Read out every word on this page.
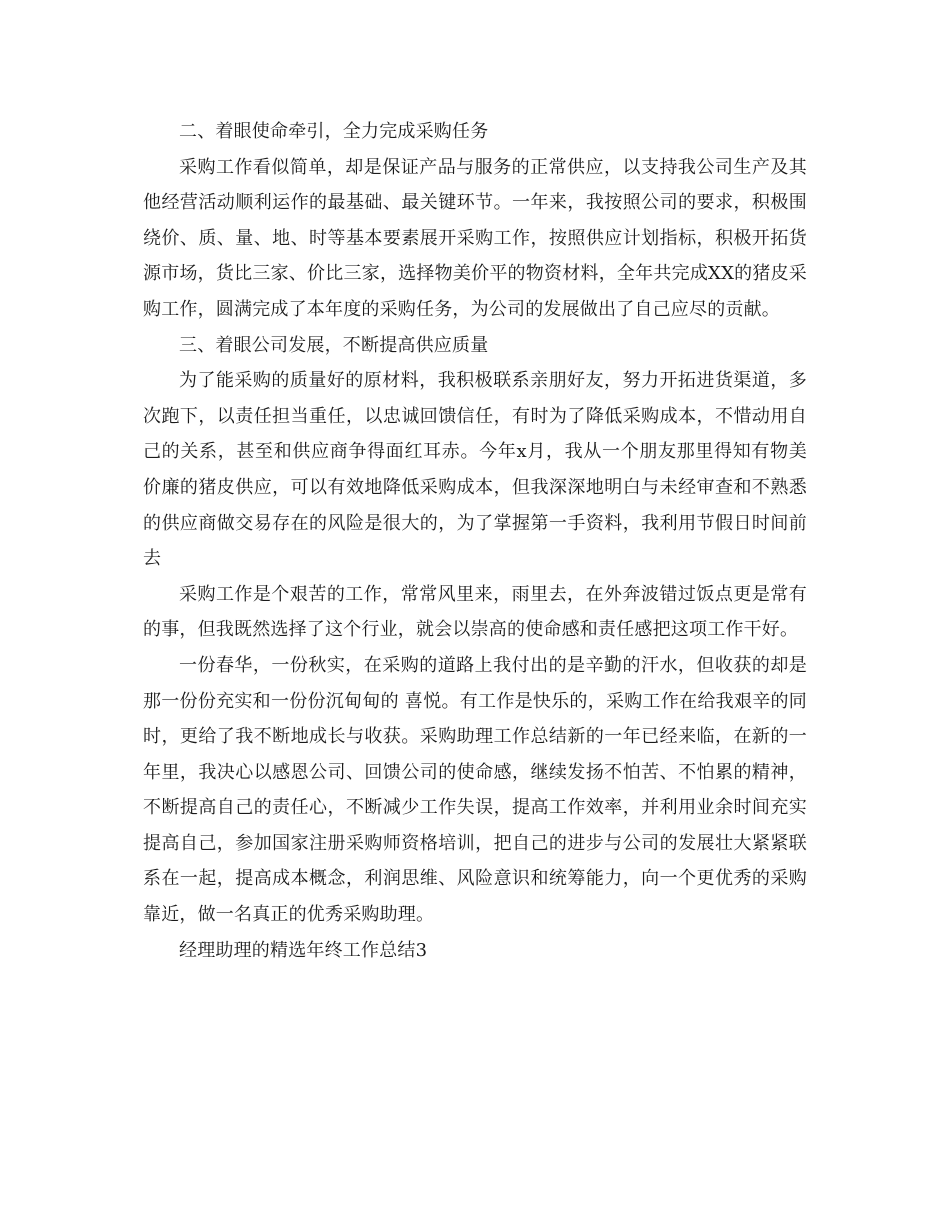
二、着眼使命牵引，全力完成采购任务

采购工作看似简单，却是保证产品与服务的正常供应，以支持我公司生产及其他经营活动顺利运作的最基础、最关键环节。一年来，我按照公司的要求，积极围绕价、质、量、地、时等基本要素展开采购工作，按照供应计划指标，积极开拓货源市场，货比三家、价比三家，选择物美价平的物资材料，全年共完成XX的猪皮采购工作，圆满完成了本年度的采购任务，为公司的发展做出了自己应尽的贡献。

三、着眼公司发展，不断提高供应质量

为了能采购的质量好的原材料，我积极联系亲朋好友，努力开拓进货渠道，多次跑下，以责任担当重任，以忠诚回馈信任，有时为了降低采购成本，不惜动用自己的关系，甚至和供应商争得面红耳赤。今年x月，我从一个朋友那里得知有物美价廉的猪皮供应，可以有效地降低采购成本，但我深深地明白与未经审查和不熟悉的供应商做交易存在的风险是很大的，为了掌握第一手资料，我利用节假日时间前去

采购工作是个艰苦的工作，常常风里来，雨里去，在外奔波错过饭点更是常有的事，但我既然选择了这个行业，就会以崇高的使命感和责任感把这项工作干好。

一份春华，一份秋实，在采购的道路上我付出的是辛勤的汗水，但收获的却是那一份份充实和一份份沉甸甸的 喜悦。有工作是快乐的，采购工作在给我艰辛的同时，更给了我不断地成长与收获。采购助理工作总结新的一年已经来临，在新的一年里，我决心以感恩公司、回馈公司的使命感，继续发扬不怕苦、不怕累的精神，不断提高自己的责任心，不断减少工作失误，提高工作效率，并利用业余时间充实提高自己，参加国家注册采购师资格培训，把自己的进步与公司的发展壮大紧紧联系在一起，提高成本概念，利润思维、风险意识和统筹能力，向一个更优秀的采购靠近，做一名真正的优秀采购助理。

经理助理的精选年终工作总结3
